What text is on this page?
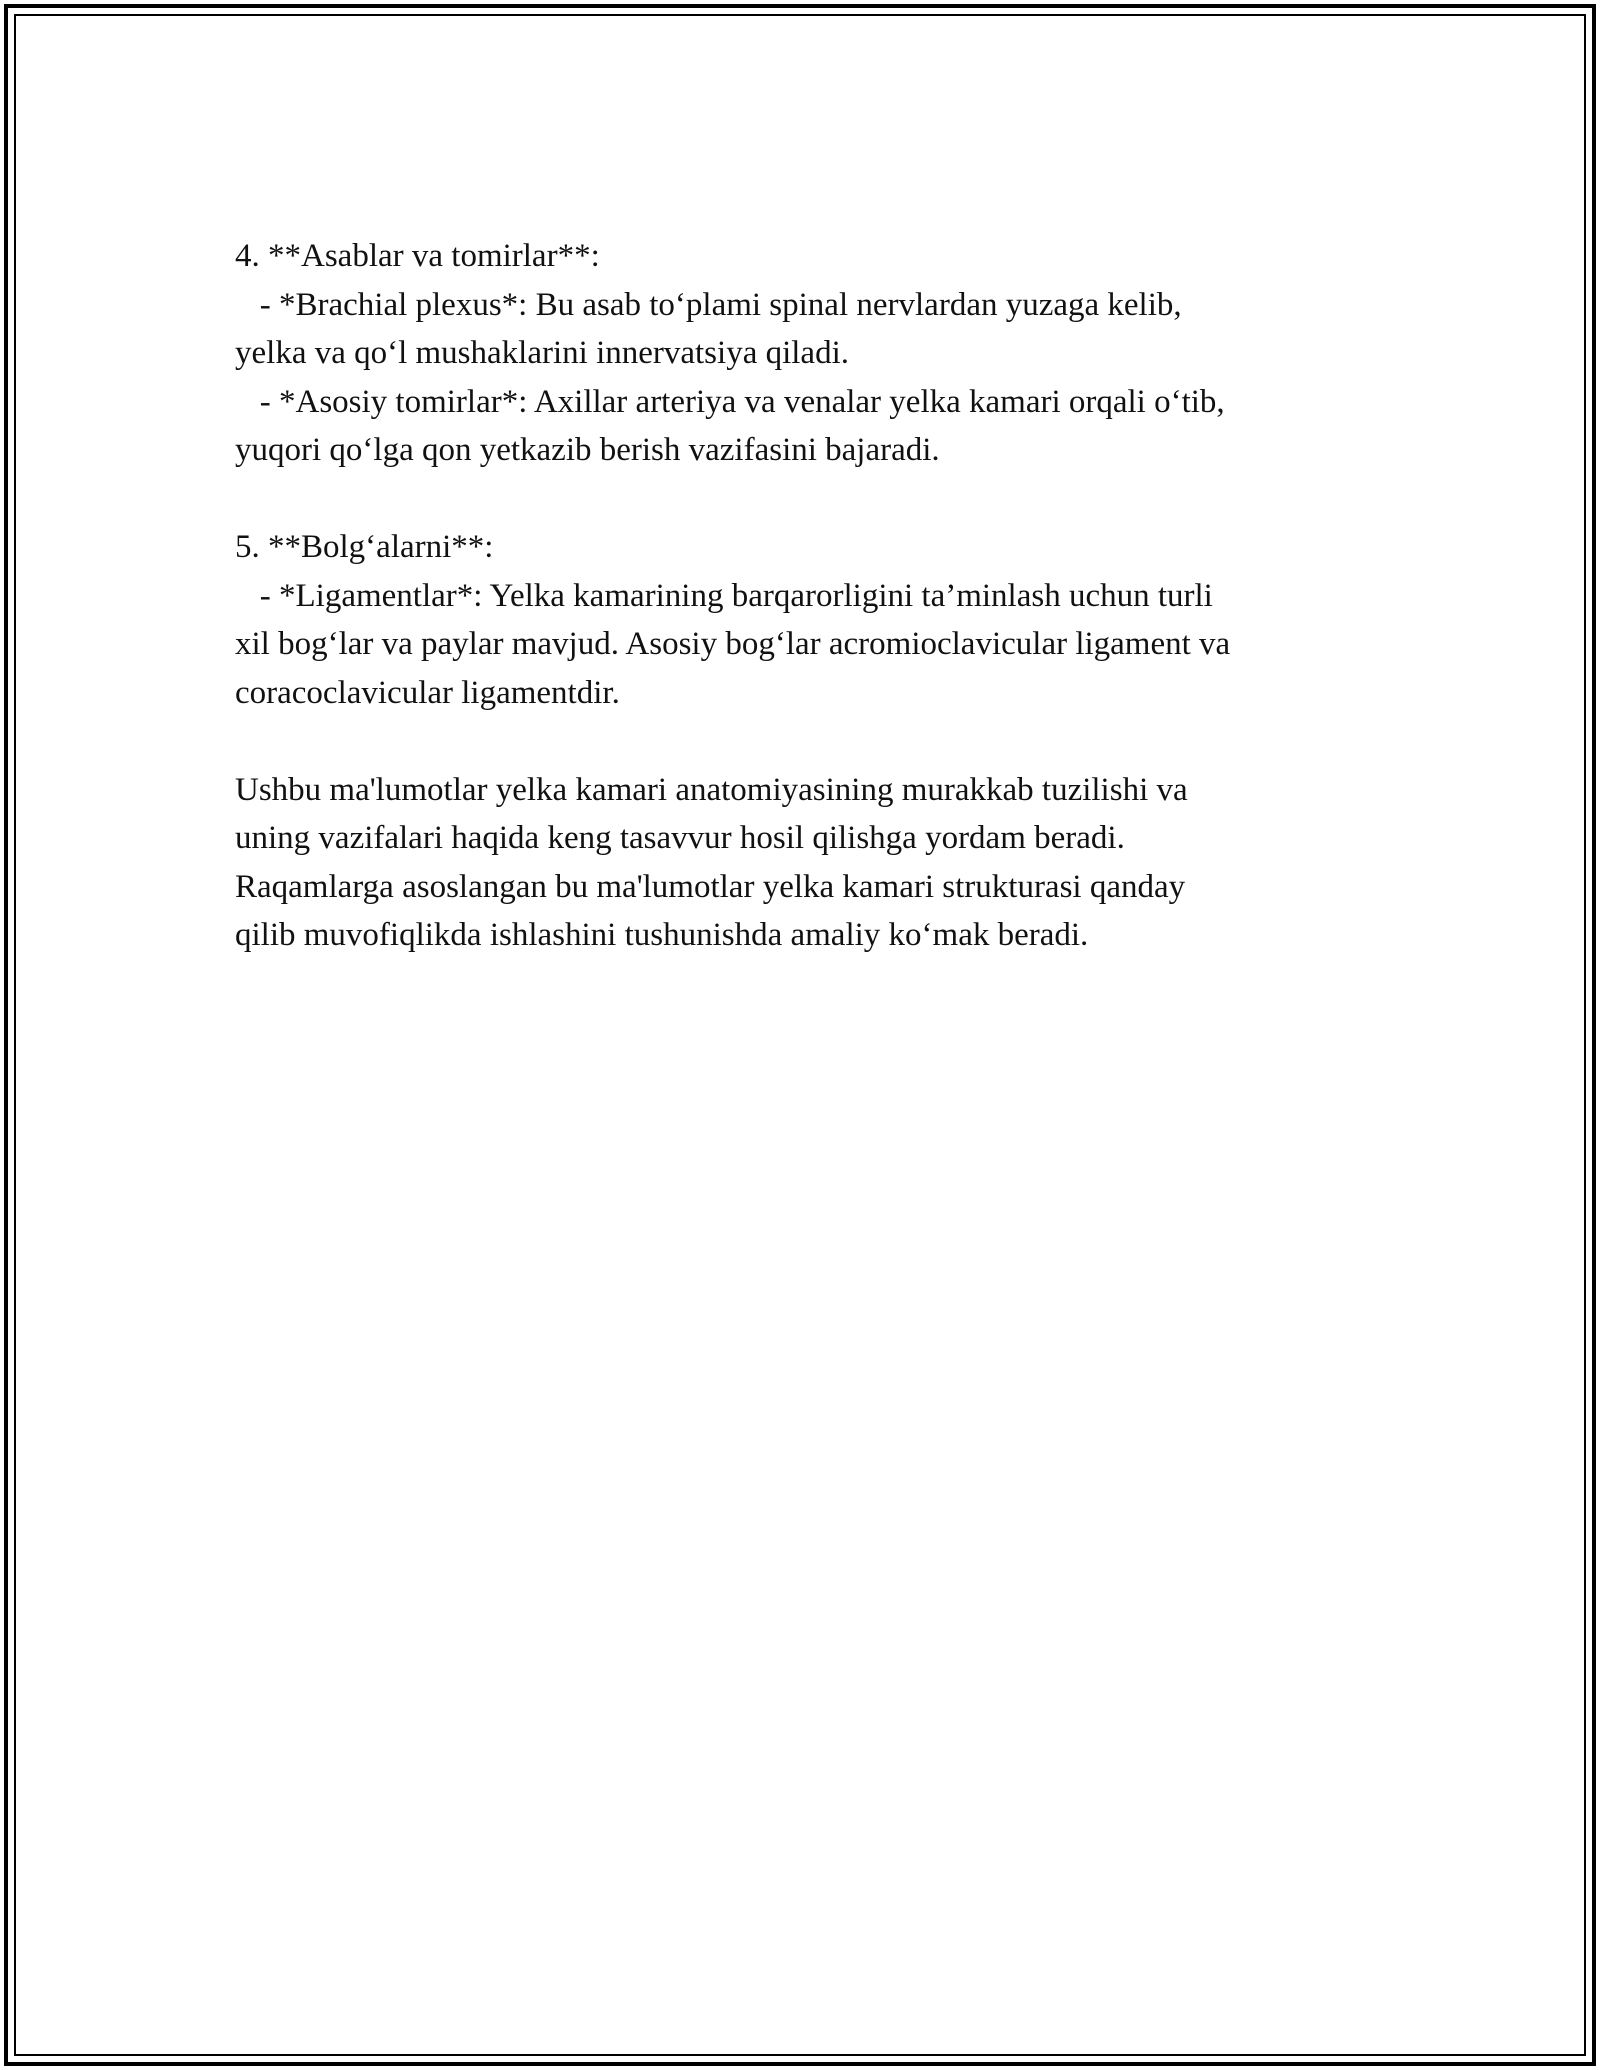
4. **Asablar va tomirlar**:
- *Brachial plexus*: Bu asab to‘plami spinal nervlardan yuzaga kelib,
yelka va qo‘l mushaklarini innervatsiya qiladi.
- *Asosiy tomirlar*: Axillar arteriya va venalar yelka kamari orqali o‘tib,
yuqori qo‘lga qon yetkazib berish vazifasini bajaradi.
5. **Bolg‘alarni**:
- *Ligamentlar*: Yelka kamarining barqarorligini ta’minlash uchun turli
xil bog‘lar va paylar mavjud. Asosiy bog‘lar acromioclavicular ligament va
coracoclavicular ligamentdir.
Ushbu ma'lumotlar yelka kamari anatomiyasining murakkab tuzilishi va
uning vazifalari haqida keng tasavvur hosil qilishga yordam beradi.
Raqamlarga asoslangan bu ma'lumotlar yelka kamari strukturasi qanday
qilib muvofiqlikda ishlashini tushunishda amaliy ko‘mak beradi.
